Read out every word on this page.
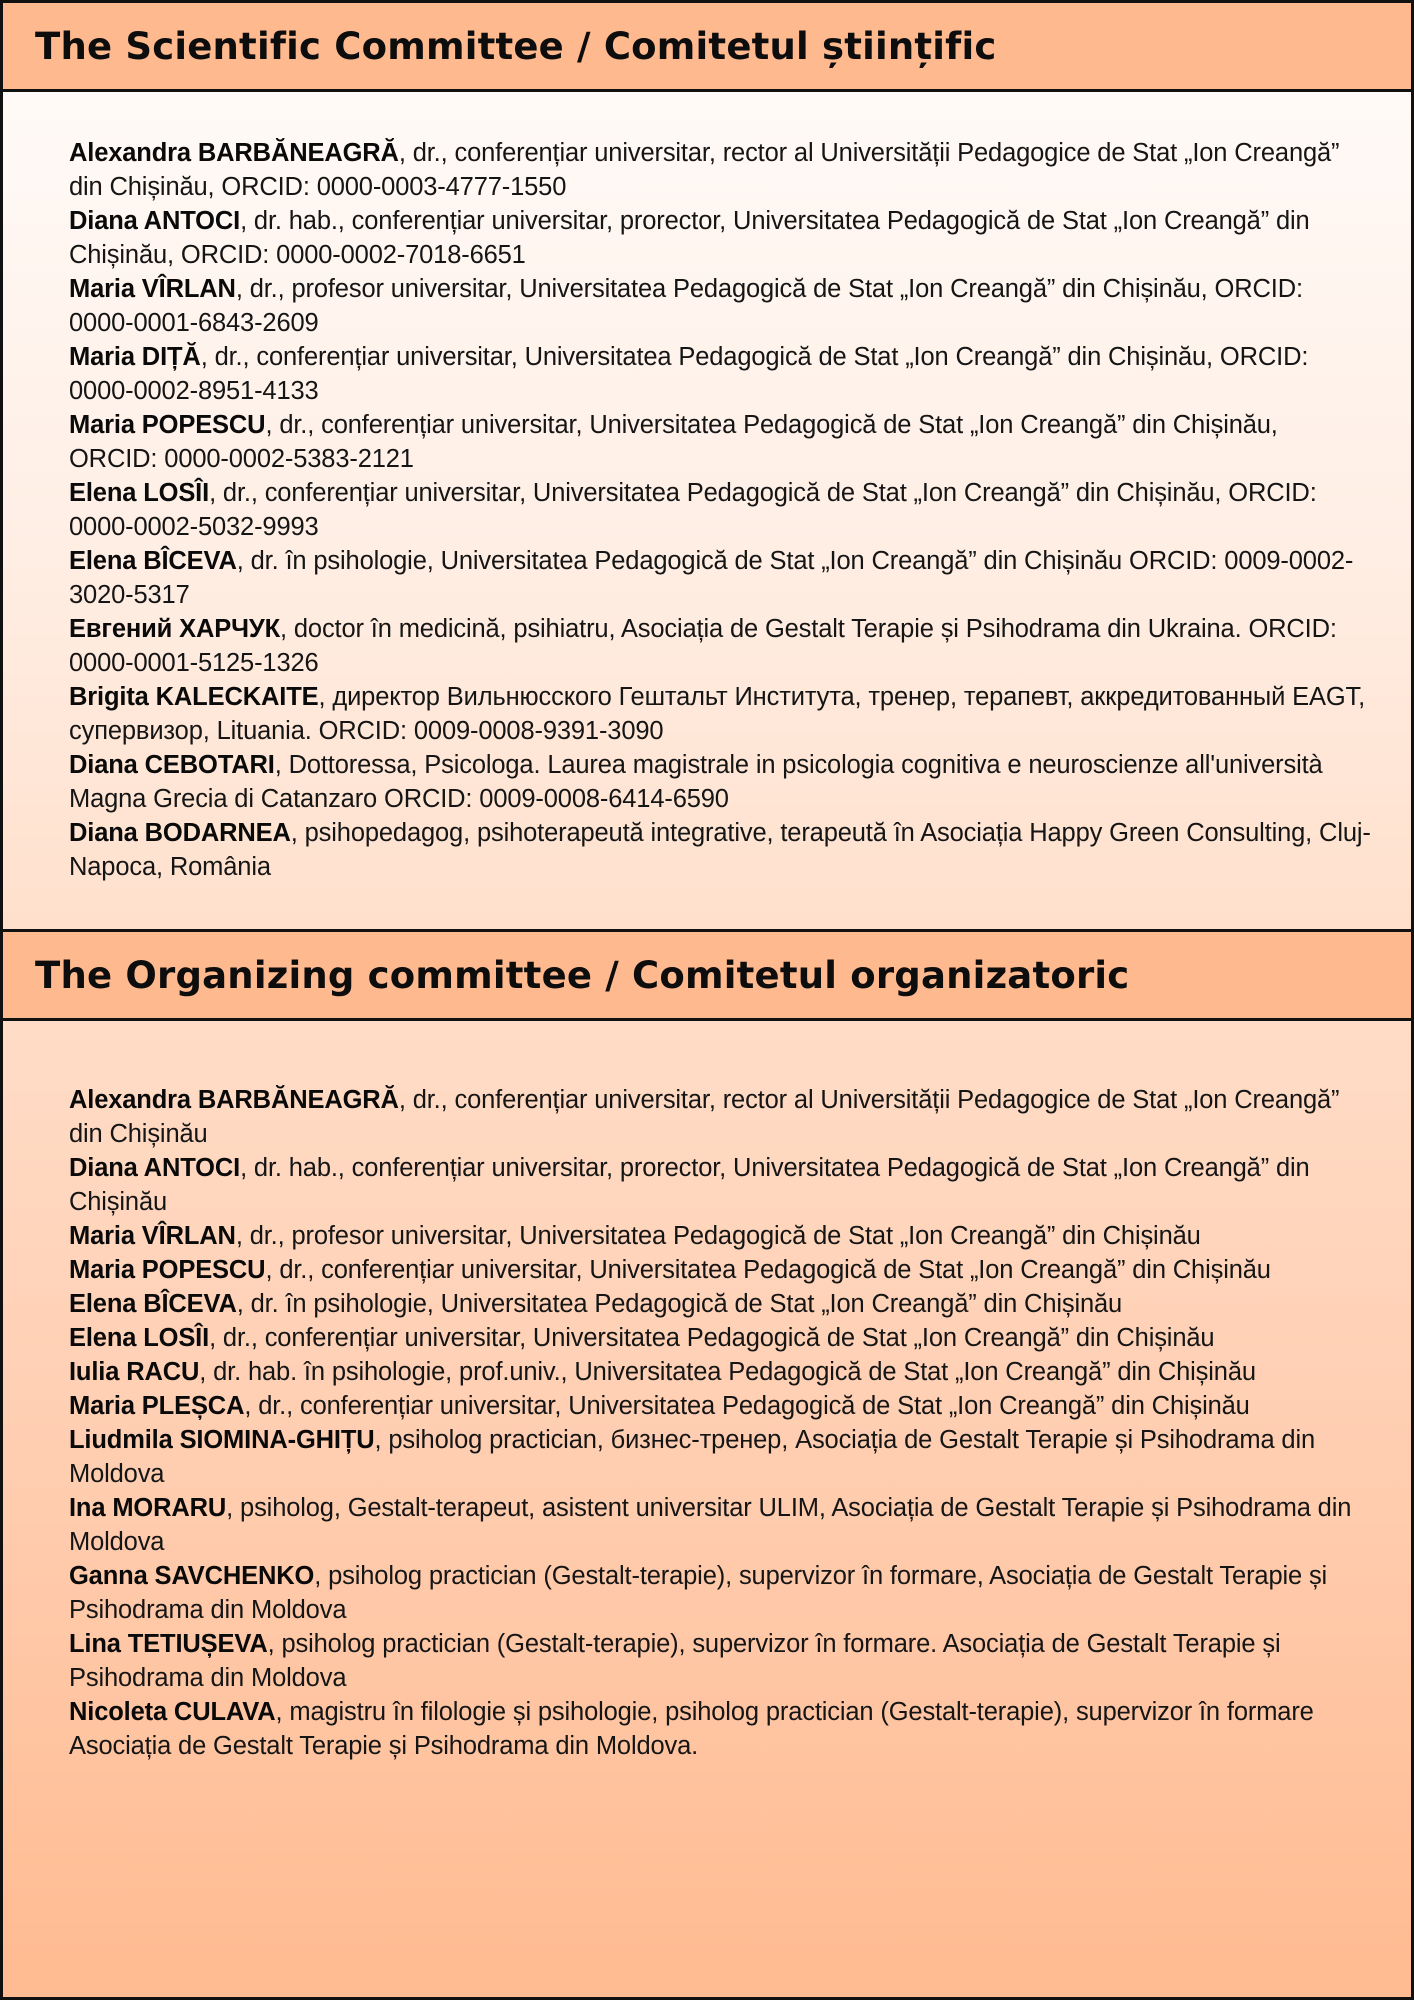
The Scientific Committee / Comitetul științific

Alexandra BARBĂNEAGRĂ, dr., conferențiar universitar, rector al Universității Pedagogice de Stat „Ion Creangă” din Chișinău, ORCID: 0000-0003-4777-1550

Diana ANTOCI, dr. hab., conferențiar universitar, prorector, Universitatea Pedagogică de Stat „Ion Creangă” din Chișinău, ORCID: 0000-0002-7018-6651

Maria VÎRLAN, dr., profesor universitar, Universitatea Pedagogică de Stat „Ion Creangă” din Chișinău, ORCID: 0000-0001-6843-2609

Maria DIȚĂ, dr., conferențiar universitar, Universitatea Pedagogică de Stat „Ion Creangă” din Chișinău, ORCID: 0000-0002-8951-4133

Maria POPESCU, dr., conferențiar universitar, Universitatea Pedagogică de Stat „Ion Creangă” din Chișinău, ORCID: 0000-0002-5383-2121

Elena LOSÎI, dr., conferențiar universitar, Universitatea Pedagogică de Stat „Ion Creangă” din Chișinău, ORCID: 0000-0002-5032-9993

Elena BÎCEVA, dr. în psihologie, Universitatea Pedagogică de Stat „Ion Creangă” din Chișinău ORCID: 0009-0002-3020-5317

Евгений ХАРЧУК, doctor în medicină, psihiatru, Asociația de Gestalt Terapie și Psihodrama din Ukraina. ORCID: 0000-0001-5125-1326

Brigita KALECKAITE, директор Вильнюсского Гештальт Института, тренер, терапевт, аккредитованный EAGT, супервизор, Lituania. ORCID: 0009-0008-9391-3090

Diana CEBOTARI, Dottoressa, Psicologa. Laurea magistrale in psicologia cognitiva e neuroscienze all'università Magna Grecia di Catanzaro ORCID: 0009-0008-6414-6590

Diana BODARNEA, psihopedagog, psihoterapeută integrative, terapeută în Asociația Happy Green Consulting, Cluj-Napoca, România

The Organizing committee / Comitetul organizatoric

Alexandra BARBĂNEAGRĂ, dr., conferențiar universitar, rector al Universității Pedagogice de Stat „Ion Creangă” din Chișinău

Diana ANTOCI, dr. hab., conferențiar universitar, prorector, Universitatea Pedagogică de Stat „Ion Creangă” din Chișinău

Maria VÎRLAN, dr., profesor universitar, Universitatea Pedagogică de Stat „Ion Creangă” din Chișinău

Maria POPESCU, dr., conferențiar universitar, Universitatea Pedagogică de Stat „Ion Creangă” din Chișinău

Elena BÎCEVA, dr. în psihologie, Universitatea Pedagogică de Stat „Ion Creangă” din Chișinău

Elena LOSÎI, dr., conferențiar universitar, Universitatea Pedagogică de Stat „Ion Creangă” din Chișinău

Iulia RACU, dr. hab. în psihologie, prof.univ., Universitatea Pedagogică de Stat „Ion Creangă” din Chișinău

Maria PLEȘCA, dr., conferențiar universitar, Universitatea Pedagogică de Stat „Ion Creangă” din Chișinău

Liudmila SIOMINA-GHIȚU, psiholog practician, бизнес-тренер, Asociația de Gestalt Terapie și Psihodrama din Moldova

Ina MORARU, psiholog, Gestalt-terapeut, asistent universitar ULIM, Asociația de Gestalt Terapie și Psihodrama din Moldova

Ganna SAVCHENKO, psiholog practician (Gestalt-terapie), supervizor în formare, Asociația de Gestalt Terapie și Psihodrama din Moldova

Lina TETIUȘEVA, psiholog practician (Gestalt-terapie), supervizor în formare. Asociația de Gestalt Terapie și Psihodrama din Moldova

Nicoleta CULAVA, magistru în filologie și psihologie, psiholog practician (Gestalt-terapie), supervizor în formare Asociația de Gestalt Terapie și Psihodrama din Moldova.
